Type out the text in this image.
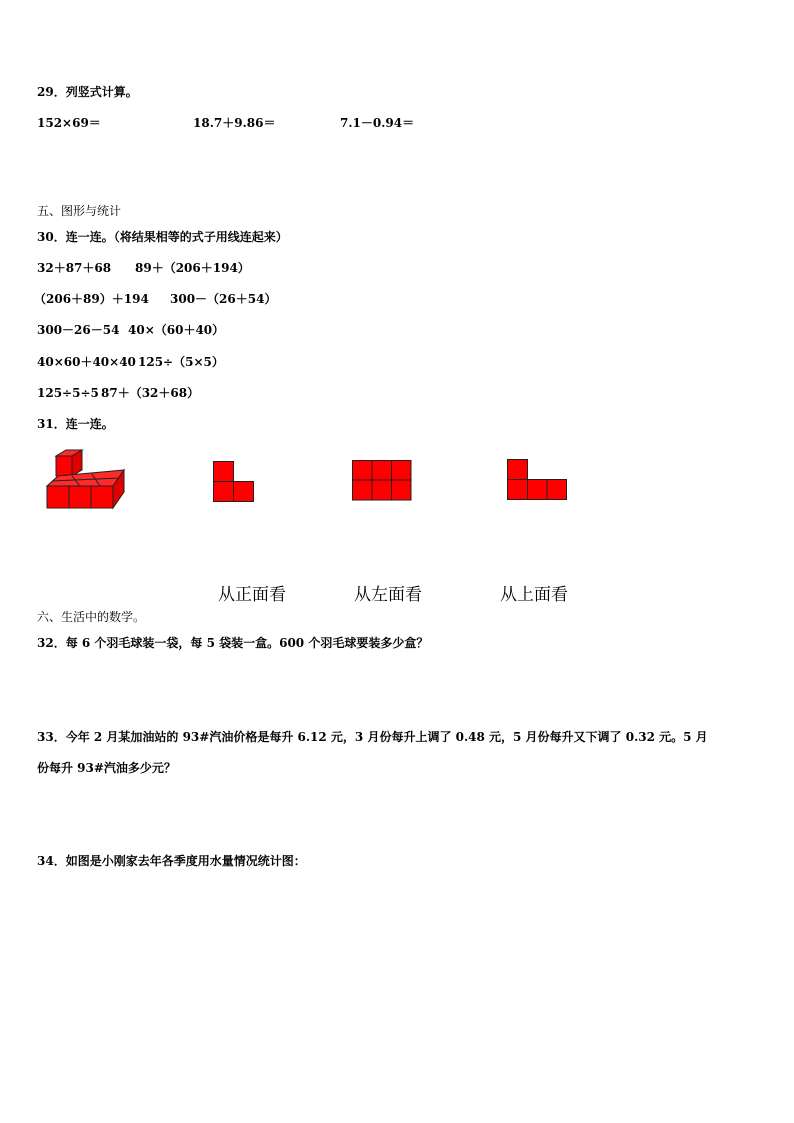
29．列竖式计算。
152×69＝	18.7＋9.86＝	7.1－0.94＝
五、图形与统计
30．连一连。（将结果相等的式子用线连起来）
32＋87＋68 89＋（206＋194）
（206＋89）＋194 300－（26＋54）
300－26－54 40×（60＋40）
40×60＋40×40 125÷（5×5）
125÷5÷5 87＋（32＋68）
31．连一连。
从正面看	从左面看	从上面看
六、生活中的数学。
32．每 6 个羽毛球装一袋，每 5 袋装一盒。600 个羽毛球要装多少盒？
33．今年 2 月某加油站的 93#汽油价格是每升 6.12 元，3 月份每升上调了 0.48 元，5 月份每升又下调了 0.32 元。5 月
份每升 93#汽油多少元？
34．如图是小刚家去年各季度用水量情况统计图：
